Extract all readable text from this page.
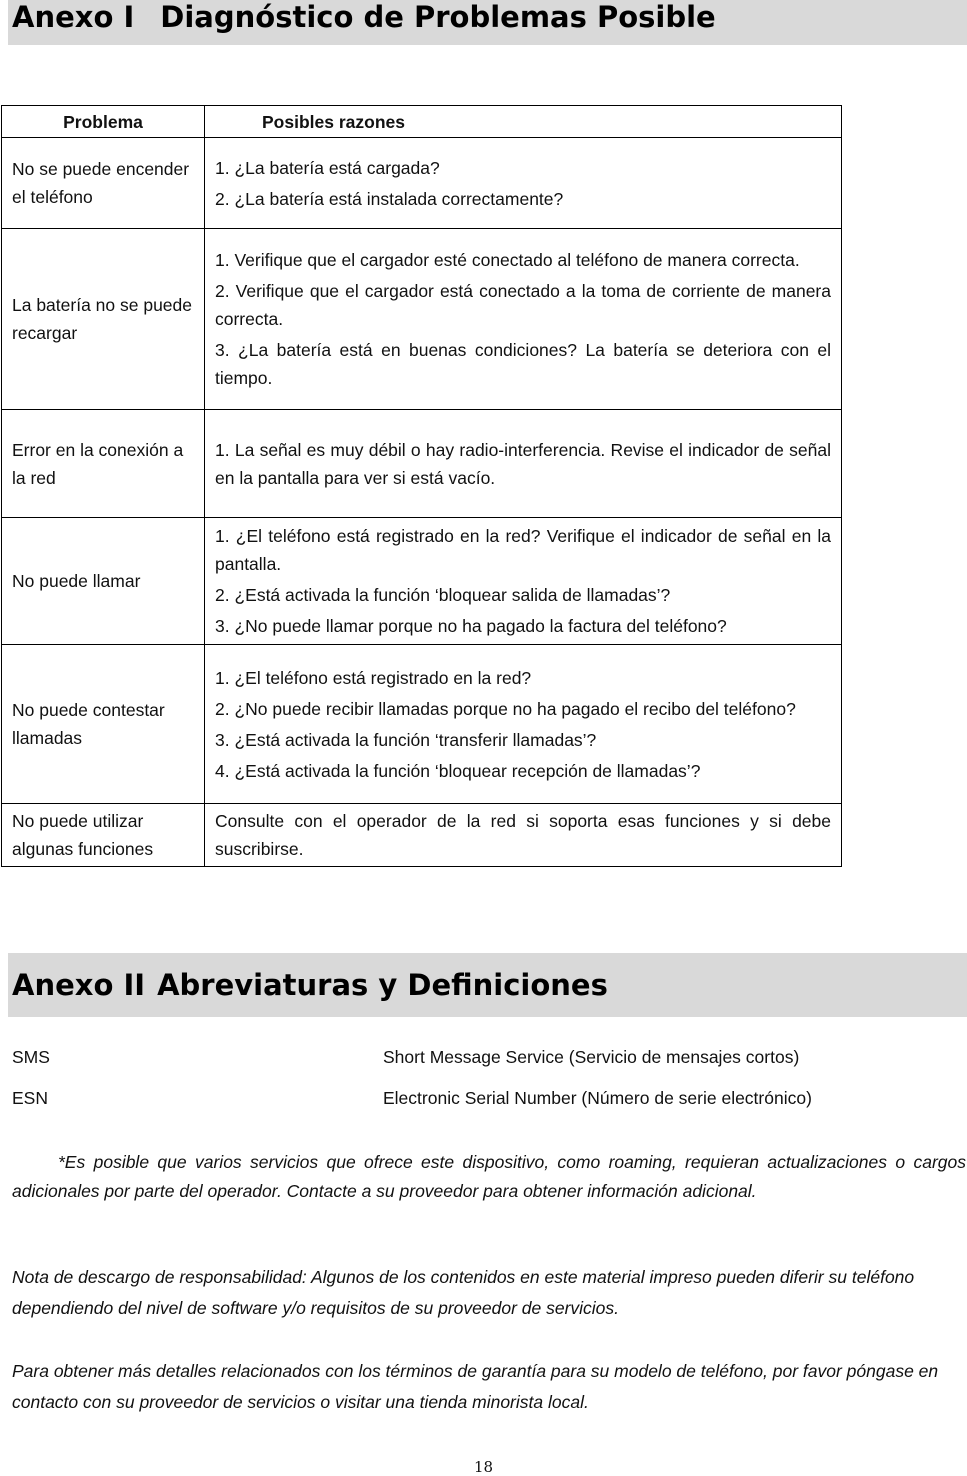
Anexo I Diagnóstico de Problemas Posible
Problema	Posibles razones
No se puede encender el teléfono	1. ¿La batería está cargada?

2. ¿La batería está instalada correctamente?

La batería no se puede recargar	1. Verifique que el cargador esté conectado al teléfono de manera correcta.

2. Verifique que el cargador está conectado a la toma de corriente de manera correcta.

3. ¿La batería está en buenas condiciones? La batería se deteriora con el tiempo.

Error en la conexión a la red	1. La señal es muy débil o hay radio-interferencia. Revise el indicador de señal en la pantalla para ver si está vacío.

No puede llamar	1. ¿El teléfono está registrado en la red? Verifique el indicador de señal en la pantalla.

2. ¿Está activada la función ‘bloquear salida de llamadas’?

3. ¿No puede llamar porque no ha pagado la factura del teléfono?

No puede contestar llamadas	1. ¿El teléfono está registrado en la red?

2. ¿No puede recibir llamadas porque no ha pagado el recibo del teléfono?

3. ¿Está activada la función ‘transferir llamadas’?

4. ¿Está activada la función ‘bloquear recepción de llamadas’?

No puede utilizar algunas funciones	Consulte con el operador de la red si soporta esas funciones y si debe suscribirse.

Anexo II Abreviaturas y Definiciones
SMS	Short Message Service (Servicio de mensajes cortos)
ESN	Electronic Serial Number (Número de serie electrónico)
*Es posible que varios servicios que ofrece este dispositivo, como roaming, requieran actualizaciones o cargos adicionales por parte del operador. Contacte a su proveedor para obtener información adicional.
Nota de descargo de responsabilidad: Algunos de los contenidos en este material impreso pueden diferir su teléfono dependiendo del nivel de software y/o requisitos de su proveedor de servicios.
Para obtener más detalles relacionados con los términos de garantía para su modelo de teléfono, por favor póngase en contacto con su proveedor de servicios o visitar una tienda minorista local.
18
